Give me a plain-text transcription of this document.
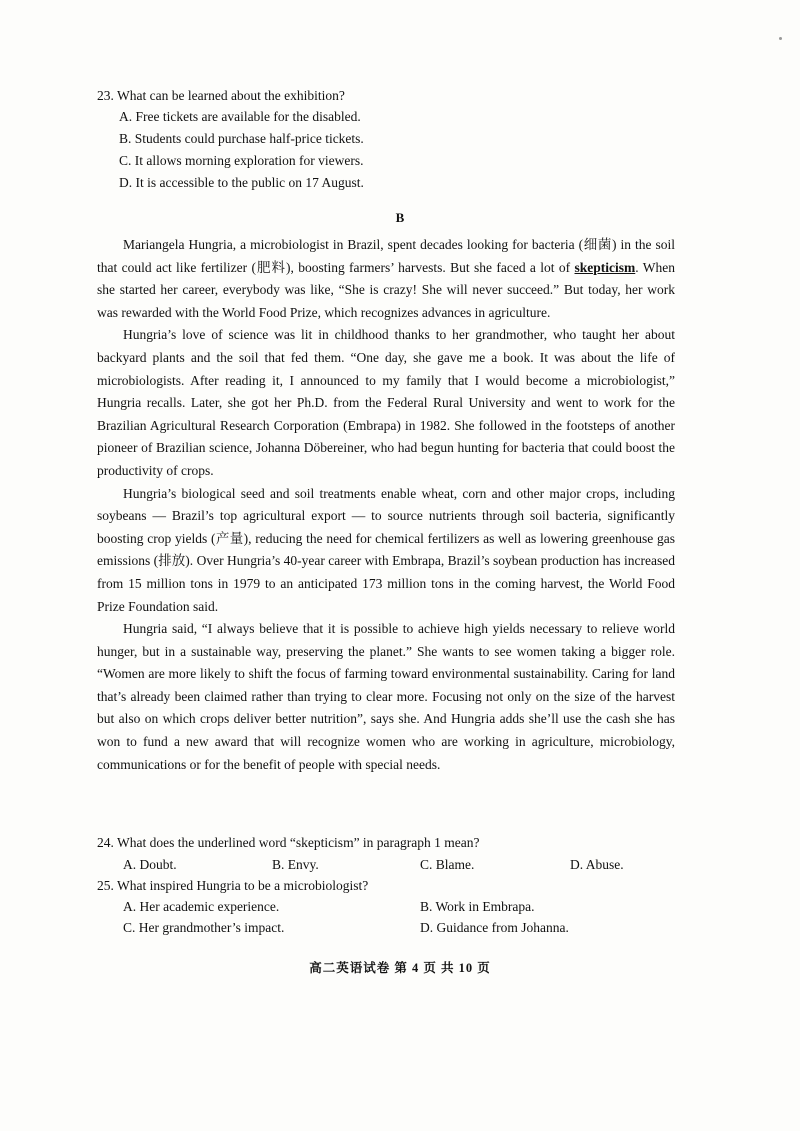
23. What can be learned about the exhibition?
A. Free tickets are available for the disabled.
B. Students could purchase half-price tickets.
C. It allows morning exploration for viewers.
D. It is accessible to the public on 17 August.
B

Mariangela Hungria, a microbiologist in Brazil, spent decades looking for bacteria (细菌) in the soil that could act like fertilizer (肥料), boosting farmers’ harvests. But she faced a lot of skepticism. When she started her career, everybody was like, “She is crazy! She will never succeed.” But today, her work was rewarded with the World Food Prize, which recognizes advances in agriculture.

Hungria’s love of science was lit in childhood thanks to her grandmother, who taught her about backyard plants and the soil that fed them. “One day, she gave me a book. It was about the life of microbiologists. After reading it, I announced to my family that I would become a microbiologist,” Hungria recalls. Later, she got her Ph.D. from the Federal Rural University and went to work for the Brazilian Agricultural Research Corporation (Embrapa) in 1982. She followed in the footsteps of another pioneer of Brazilian science, Johanna Döbereiner, who had begun hunting for bacteria that could boost the productivity of crops.

Hungria’s biological seed and soil treatments enable wheat, corn and other major crops, including soybeans — Brazil’s top agricultural export — to source nutrients through soil bacteria, significantly boosting crop yields (产量), reducing the need for chemical fertilizers as well as lowering greenhouse gas emissions (排放). Over Hungria’s 40-year career with Embrapa, Brazil’s soybean production has increased from 15 million tons in 1979 to an anticipated 173 million tons in the coming harvest, the World Food Prize Foundation said.

Hungria said, “I always believe that it is possible to achieve high yields necessary to relieve world hunger, but in a sustainable way, preserving the planet.” She wants to see women taking a bigger role. “Women are more likely to shift the focus of farming toward environmental sustainability. Caring for land that’s already been claimed rather than trying to clear more. Focusing not only on the size of the harvest but also on which crops deliver better nutrition”, says she. And Hungria adds she’ll use the cash she has won to fund a new award that will recognize women who are working in agriculture, microbiology, communications or for the benefit of people with special needs.

24. What does the underlined word “skepticism” in paragraph 1 mean?
A. Doubt.	B. Envy.	C. Blame.	D. Abuse.
25. What inspired Hungria to be a microbiologist?
A. Her academic experience.	B. Work in Embrapa.
C. Her grandmother’s impact.	D. Guidance from Johanna.
高二英语试卷 第 4 页 共 10 页
